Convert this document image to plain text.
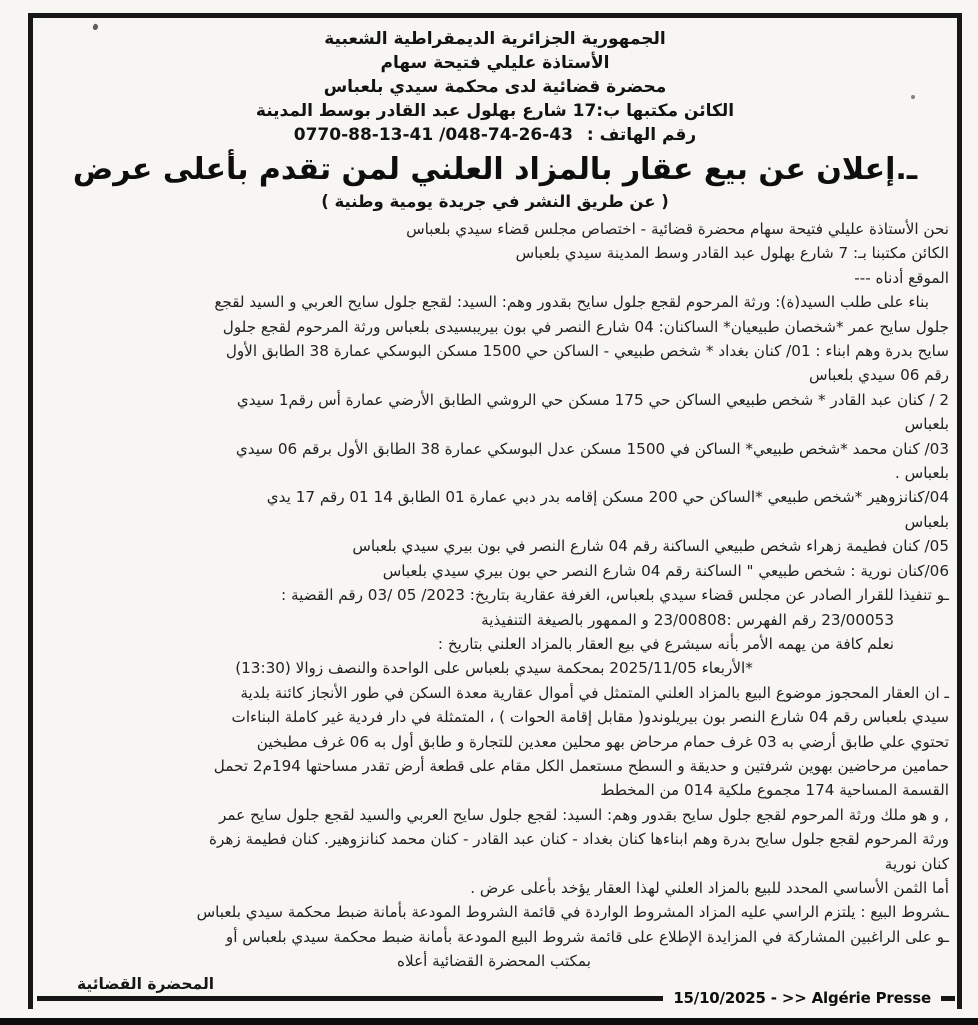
الجمهورية الجزائرية الديمقراطية الشعبية
الأستاذة عليلي فتيحة سهام
محضرة قضائية لدى محكمة سيدي بلعباس
الكائن مكتبها ب:17 شارع بهلول عبد القادر بوسط المدينة
رقم الهاتف : 0770-88-13-41 /048-74-26-43
ـ.إعلان عن بيع عقار بالمزاد العلني لمن تقدم بأعلى عرض
( عن طريق النشر في جريدة يومية وطنية )
نحن الأستاذة عليلي فتيحة سهام محضرة قضائية - اختصاص مجلس قضاء سيدي بلعباس
الكائن مكتبنا بـ: 7 شارع بهلول عبد القادر وسط المدينة سيدي بلعباس
الموقع أدناه ---
بناء على طلب السيد(ة): ورثة المرحوم لقجع جلول سايح بقدور وهم: السيد: لقجع جلول سايح العربي و السيد لقجع
جلول سايح عمر *شخصان طبيعيان* الساكنان: 04 شارع النصر في بون بيريبسيدى بلعباس ورثة المرحوم لقجع جلول
سايح بدرة وهم ابناء : 01/ كنان بغداد * شخص طبيعي - الساكن حي 1500 مسكن البوسكي عمارة 38 الطابق الأول
رقم 06 سيدي بلعباس
2 / كنان عبد القادر * شخص طبيعي الساكن حي 175 مسكن حي الروشي الطابق الأرضي عمارة أس رقم1 سيدي
بلعباس
03/ كنان محمد *شخص طبيعي* الساكن في 1500 مسكن عدل البوسكي عمارة 38 الطابق الأول برقم 06 سيدي
بلعباس .
04/كنانزوهير *شخص طبيعي *الساكن حي 200 مسكن إقامه بدر دبي عمارة 01 الطابق ‪01 14‬ رقم 17 يدي
بلعباس
05/ كنان فطيمة زهراء شخص طبيعي الساكنة رقم 04 شارع النصر في بون بيري سيدي بلعباس
06/كنان نورية : شخص طبيعي " الساكنة رقم 04 شارع النصر حي بون بيري سيدي بلعباس
ـو تنفيذا للقرار الصادر عن مجلس قضاء سيدي بلعباس، الغرفة عقارية بتاريخ: ‪03/ 05 /2023‬ رقم القضية :
23/00053 رقم الفهرس :23/00808 و الممهور بالصيغة التنفيذية
نعلم كافة من يهمه الأمر بأنه سيشرع في بيع العقار بالمزاد العلني بتاريخ :
*الأربعاء 2025/11/05 بمحكمة سيدي بلعباس على الواحدة والنصف زوالا (13:30)
ـ ان العقار المحجوز موضوع البيع بالمزاد العلني المتمثل في أموال عقارية معدة السكن في طور الأنجاز كائنة بلدية
سيدي بلعباس رقم 04 شارع النصر بون بيريلوندو( مقابل إقامة الحوات ) ، المتمثلة في دار فردية غير كاملة البناءات
تحتوي علي طابق أرضي به 03 غرف حمام مرحاض بهو محلين معدين للتجارة و طابق أول به 06 غرف مطبخين
حمامين مرحاضين بهوين شرفتين و حديقة و السطح مستعمل الكل مقام على قطعة أرض تقدر مساحتها 194م2 تحمل
القسمة المساحية 174 مجموع ملكية 014 من المخطط
, و هو ملك ورثة المرحوم لقجع جلول سايح بقدور وهم: السيد: لقجع جلول سايح العربي والسيد لقجع جلول سايح عمر
ورثة المرحوم لقجع جلول سايح بدرة وهم ابناءها كنان بغداد - كنان عبد القادر - كنان محمد كنانزوهير. كنان فطيمة زهرة
كنان نورية
أما الثمن الأساسي المحدد للبيع بالمزاد العلني لهذا العقار يؤخد بأعلى عرض .
ـشروط البيع : يلتزم الراسي عليه المزاد المشروط الواردة في قائمة الشروط المودعة بأمانة ضبط محكمة سيدي بلعباس
ـو على الراغبين المشاركة في المزايدة الإطلاع على قائمة شروط البيع المودعة بأمانة ضبط محكمة سيدي بلعباس أو
بمكتب المحضرة القضائية أعلاه
المحضرة القضائية
15/10/2025 - >> Algérie Presse
